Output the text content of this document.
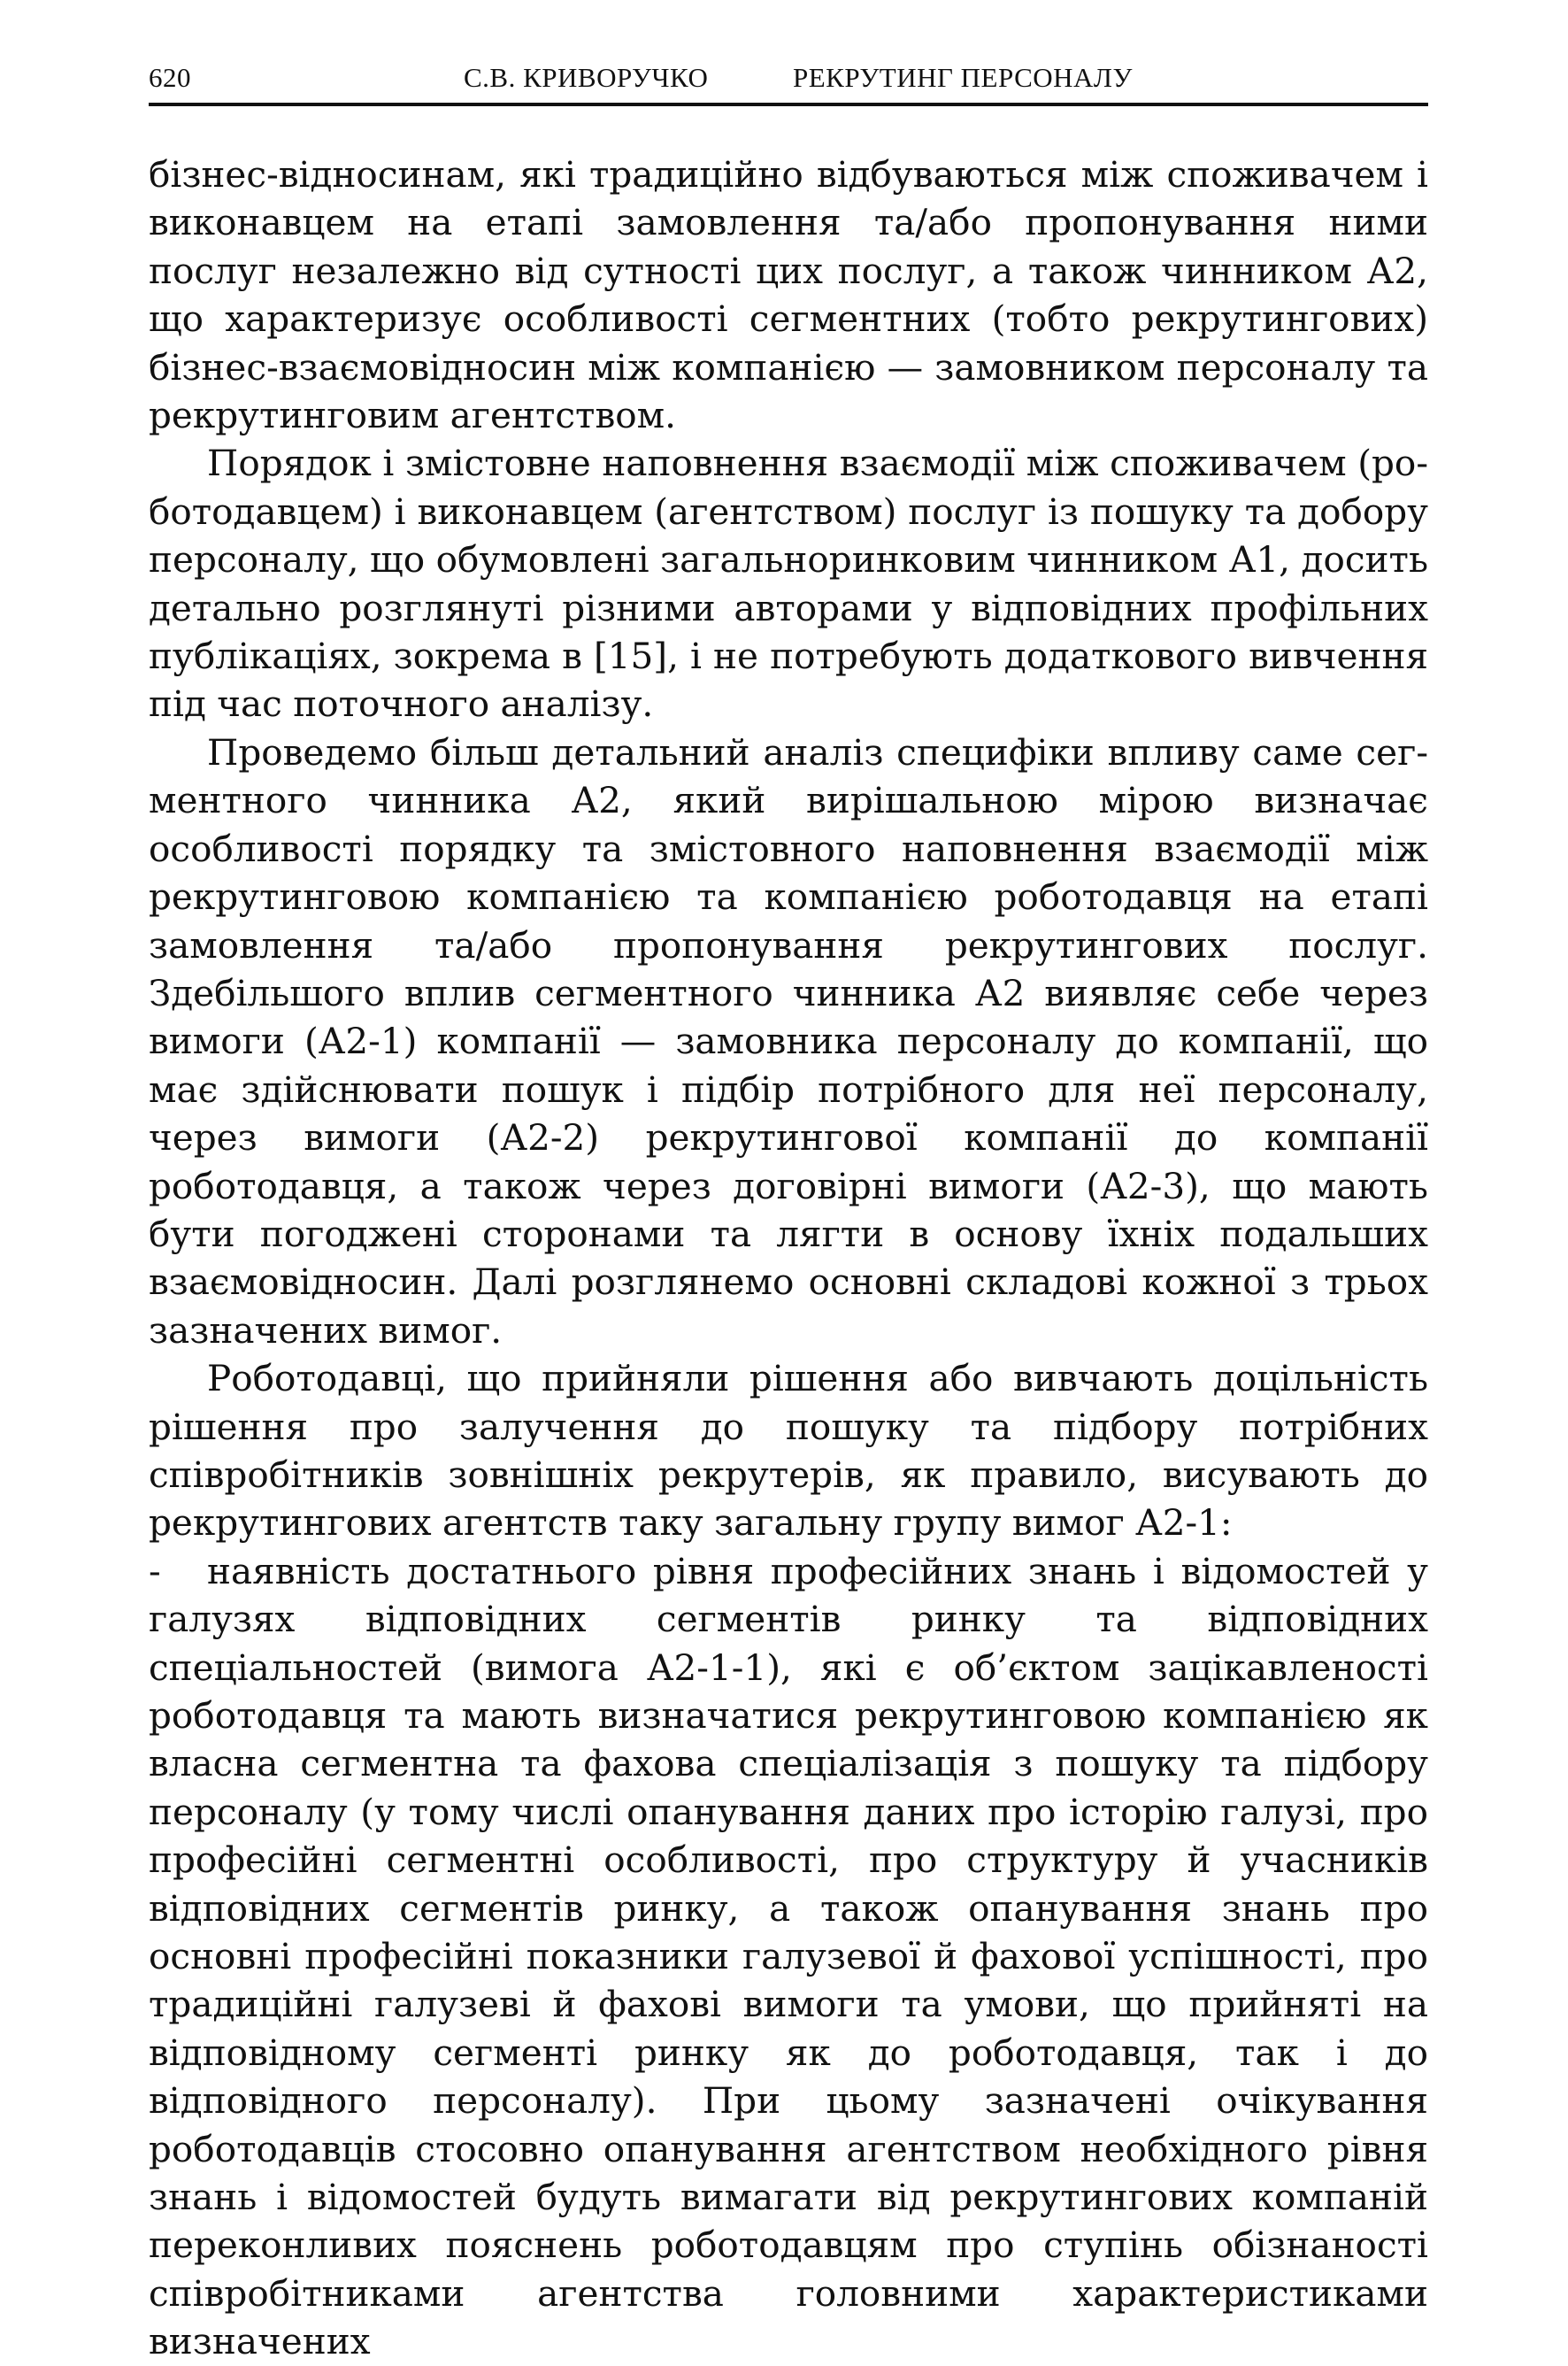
620	С.В. КРИВОРУЧКО	РЕКРУТИНГ ПЕРСОНАЛУ

бізнес-відносинам, які традиційно відбуваються між споживачем і виконавцем на етапі замовлення та/або пропонування ними послуг незалежно від сутності цих послуг, а також чинником А2, що характеризує особливості сегментних (тобто рекрутингових) бізнес-взаємовідносин між компанією — замовником персоналу та рекрутинговим агентством.

Порядок і змістовне наповнення взаємодії між споживачем (роботодавцем) і виконавцем (агентством) послуг із пошуку та добору персоналу, що обумовлені загальноринковим чинником А1, досить детально розглянуті різними авторами у відповідних профільних публікаціях, зокрема в [15], і не потребують додаткового вивчення під час поточного аналізу.

Проведемо більш детальний аналіз специфіки впливу саме сегментного чинника А2, який вирішальною мірою визначає особливості порядку та змістовного наповнення взаємодії між рекрутинговою компанією та компанією роботодавця на етапі замовлення та/або пропонування рекрутингових послуг. Здебільшого вплив сегментного чинника А2 виявляє себе через вимоги (А2-1) компанії — замовника персоналу до компанії, що має здійснювати пошук і підбір потрібного для неї персоналу, через вимоги (А2-2) рекрутингової компанії до компанії роботодавця, а також через договірні вимоги (А2-3), що мають бути погоджені сторонами та лягти в основу їхніх подальших взаємовідносин. Далі розглянемо основні складові кожної з трьох зазначених вимог.

Роботодавці, що прийняли рішення або вивчають доцільність рішення про залучення до пошуку та підбору потрібних співробітників зовнішніх рекрутерів, як правило, висувають до рекрутингових агентств таку загальну групу вимог А2-1:

- наявність достатнього рівня професійних знань і відомостей у галузях відповідних сегментів ринку та відповідних спеціальностей (вимога А2-1-1), які є об’єктом зацікавленості роботодавця та мають визначатися рекрутинговою компанією як власна сегментна та фахова спеціалізація з пошуку та підбору персоналу (у тому числі опанування даних про історію галузі, про професійні сегментні особливості, про структуру й учасників відповідних сегментів ринку, а також опанування знань про основні професійні показники галузевої й фахової успішності, про традиційні галузеві й фахові вимоги та умови, що прийняті на відповідному сегменті ринку як до роботодавця, так і до відповідного персоналу). При цьому зазначені очікування роботодавців стосовно опанування агентством необхідного рівня знань і відомостей будуть вимагати від рекрутингових компаній переконливих пояснень роботодавцям про ступінь обізнаності співробітниками агентства головними характеристиками визначених
